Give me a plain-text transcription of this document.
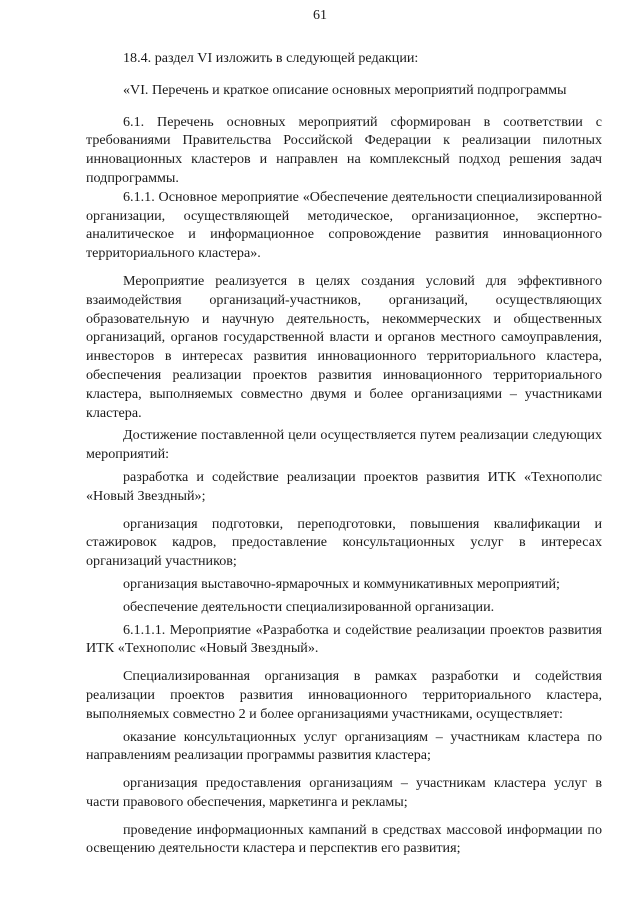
61

18.4. раздел VI изложить в следующей редакции:

«VI. Перечень и краткое описание основных мероприятий подпрограммы

6.1. Перечень основных мероприятий сформирован в соответствии с требованиями Правительства Российской Федерации к реализации пилотных инновационных кластеров и направлен на комплексный подход решения задач подпрограммы.

6.1.1. Основное мероприятие «Обеспечение деятельности специализированной организации, осуществляющей методическое, организационное, экспертно-аналитическое и информационное сопровождение развития инновационного территориального кластера».

Мероприятие реализуется в целях создания условий для эффективного взаимодействия организаций-участников, организаций, осуществляющих образовательную и научную деятельность, некоммерческих и общественных организаций, органов государственной власти и органов местного самоуправления, инвесторов в интересах развития инновационного территориального кластера, обеспечения реализации проектов развития инновационного территориального кластера, выполняемых совместно двумя и более организациями – участниками кластера.

Достижение поставленной цели осуществляется путем реализации следующих мероприятий:

разработка и содействие реализации проектов развития ИТК «Технополис «Новый Звездный»;

организация подготовки, переподготовки, повышения квалификации и стажировок кадров, предоставление консультационных услуг в интересах организаций участников;

организация выставочно-ярмарочных и коммуникативных мероприятий;

обеспечение деятельности специализированной организации.

6.1.1.1. Мероприятие «Разработка и содействие реализации проектов развития ИТК «Технополис «Новый Звездный».

Специализированная организация в рамках разработки и содействия реализации проектов развития инновационного территориального кластера, выполняемых совместно 2 и более организациями участниками, осуществляет:

оказание консультационных услуг организациям – участникам кластера по направлениям реализации программы развития кластера;

организация предоставления организациям – участникам кластера услуг в части правового обеспечения, маркетинга и рекламы;

проведение информационных кампаний в средствах массовой информации по освещению деятельности кластера и перспектив его развития;
